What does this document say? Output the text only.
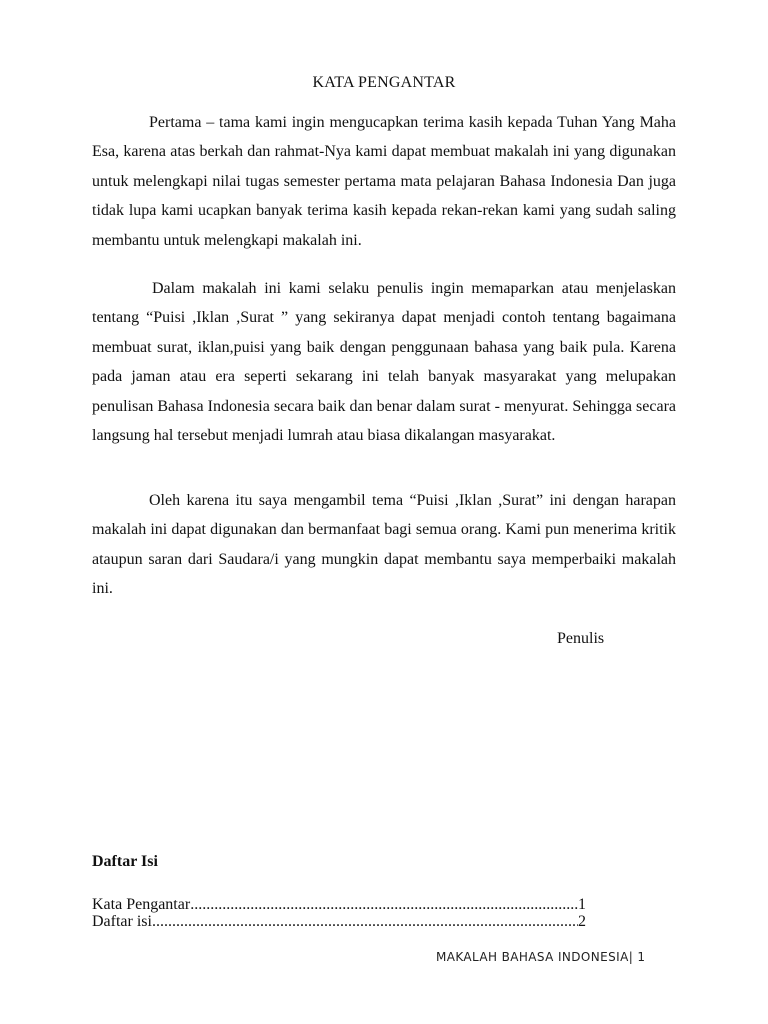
KATA PENGANTAR

Pertama – tama kami ingin mengucapkan terima kasih kepada Tuhan Yang Maha Esa, karena atas berkah dan rahmat-Nya kami dapat membuat makalah ini yang digunakan untuk melengkapi nilai tugas semester pertama mata pelajaran Bahasa Indonesia Dan juga tidak lupa kami ucapkan banyak terima kasih kepada rekan-rekan kami yang sudah saling membantu untuk melengkapi makalah ini.

Dalam makalah ini kami selaku penulis ingin memaparkan atau menjelaskan tentang “Puisi ,Iklan ,Surat ” yang sekiranya dapat menjadi contoh tentang bagaimana membuat surat, iklan,puisi yang baik dengan penggunaan bahasa yang baik pula. Karena pada jaman atau era seperti sekarang ini telah banyak masyarakat yang melupakan penulisan Bahasa Indonesia secara baik dan benar dalam surat - menyurat. Sehingga secara langsung hal tersebut menjadi lumrah atau biasa dikalangan masyarakat.

Oleh karena itu saya mengambil tema “Puisi ,Iklan ,Surat” ini dengan harapan makalah ini dapat digunakan dan bermanfaat bagi semua orang. Kami pun menerima kritik ataupun saran dari Saudara/i yang mungkin dapat membantu saya memperbaiki makalah ini.

Penulis
Daftar Isi
Kata Pengantar .....	1
Daftar isi .....	2
MAKALAH BAHASA INDONESIA| 1
